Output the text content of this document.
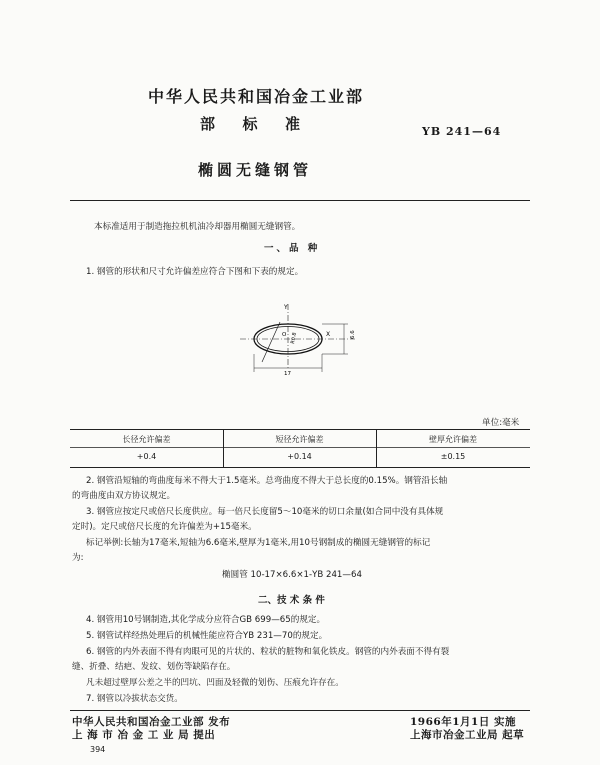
中华人民共和国冶金工业部
部 标 准	YB 241—64
椭圆无缝钢管
本标准适用于制造拖拉机机油冷却器用椭圆无缝钢管。
一、品 种
1. 钢管的形状和尺寸允许偏差应符合下图和下表的规定。
Y
X
O	6.6
17
R0.8
单位:毫米
长径允许偏差
+0.4
短径允许偏差
+0.14
壁厚允许偏差
±0.15
2. 钢管沿短轴的弯曲度每米不得大于1.5毫米。总弯曲度不得大于总长度的0.15%。钢管沿长轴
的弯曲度由双方协议规定。
3. 钢管应按定尺或倍尺长度供应。每一倍尺长度留5～10毫米的切口余量(如合同中没有具体规
定时)。定尺或倍尺长度的允许偏差为+15毫米。
标记举例:长轴为17毫米,短轴为6.6毫米,壁厚为1毫米,用10号钢制成的椭圆无缝钢管的标记
为:
椭圆管 10-17×6.6×1-YB 241—64
二、技 术 条 件
4. 钢管用10号钢制造,其化学成分应符合GB 699—65的规定。
5. 钢管试样经热处理后的机械性能应符合YB 231—70的规定。
6. 钢管的内外表面不得有肉眼可见的片状的、粒状的脏物和氧化铁皮。钢管的内外表面不得有裂
缝、折叠、结疤、发纹、划伤等缺陷存在。
凡未超过壁厚公差之半的凹坑、凹面及轻微的划伤、压痕允许存在。
7. 钢管以冷拔状态交货。
中华人民共和国冶金工业部 发布
上 海 市 冶 金 工 业 局 提出
1966年1月1日 实施
上海市冶金工业局 起草
394
